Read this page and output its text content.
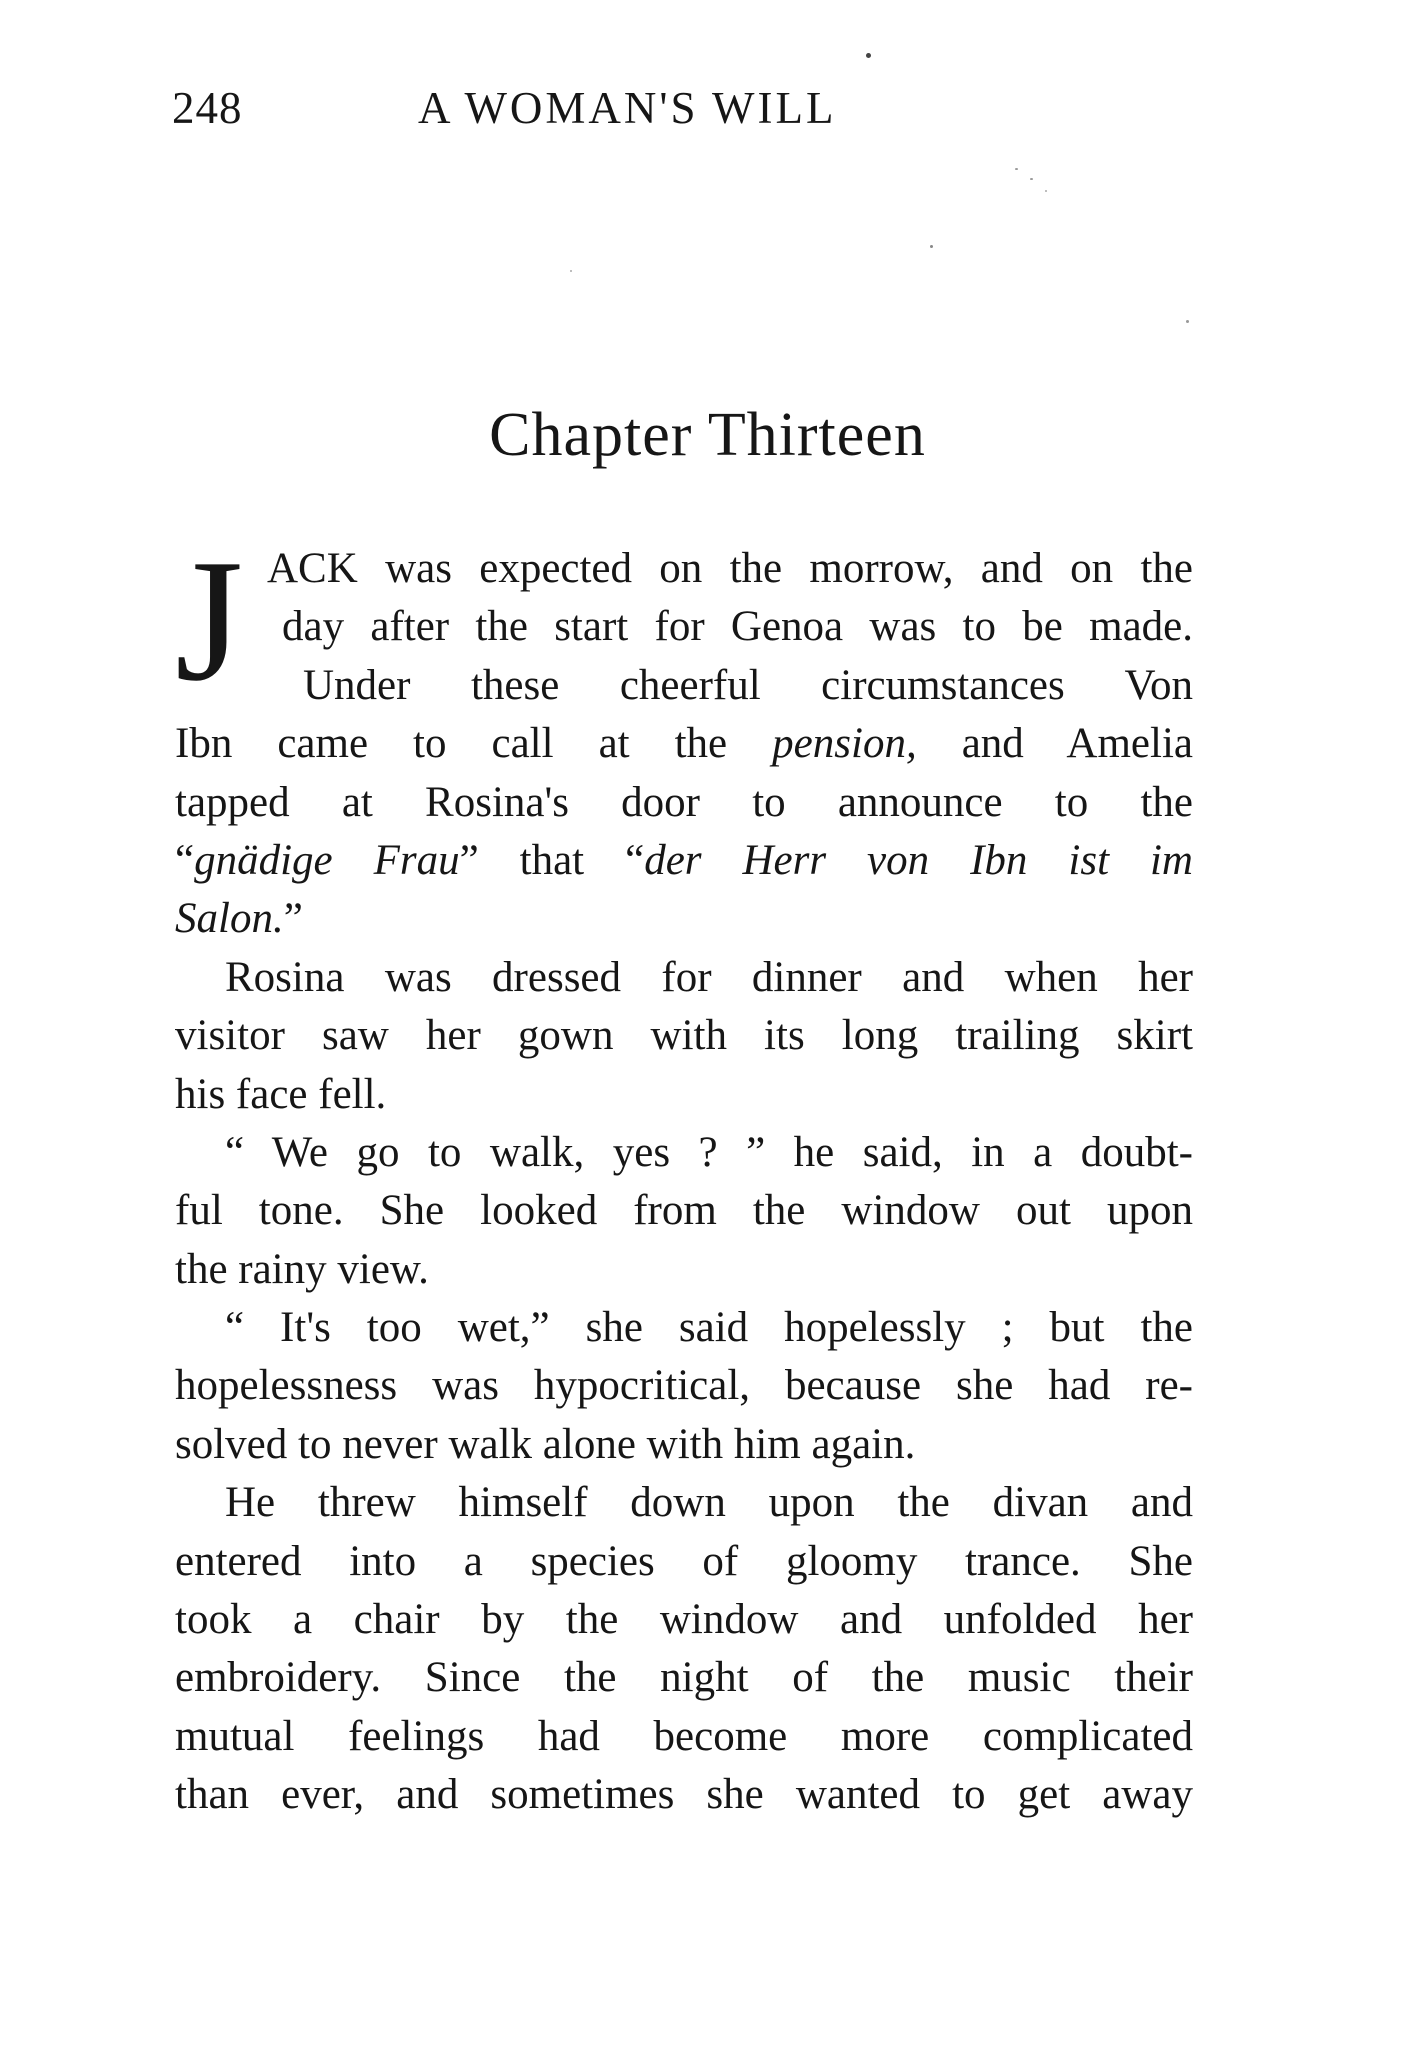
248	A WOMAN'S WILL
Chapter Thirteen
J ACK was expected on the morrow, and on the
day after the start for Genoa was to be made.
Under these cheerful circumstances Von
Ibn came to call at the pension, and Amelia
tapped at Rosina's door to announce to the
“gnädige Frau” that “der Herr von Ibn ist im
Salon.”
Rosina was dressed for dinner and when her
visitor saw her gown with its long trailing skirt
his face fell.
“ We go to walk, yes ? ” he said, in a doubt-
ful tone. She looked from the window out upon
the rainy view.
“ It's too wet,” she said hopelessly ; but the
hopelessness was hypocritical, because she had re-
solved to never walk alone with him again.
He threw himself down upon the divan and
entered into a species of gloomy trance. She
took a chair by the window and unfolded her
embroidery. Since the night of the music their
mutual feelings had become more complicated
than ever, and sometimes she wanted to get away
